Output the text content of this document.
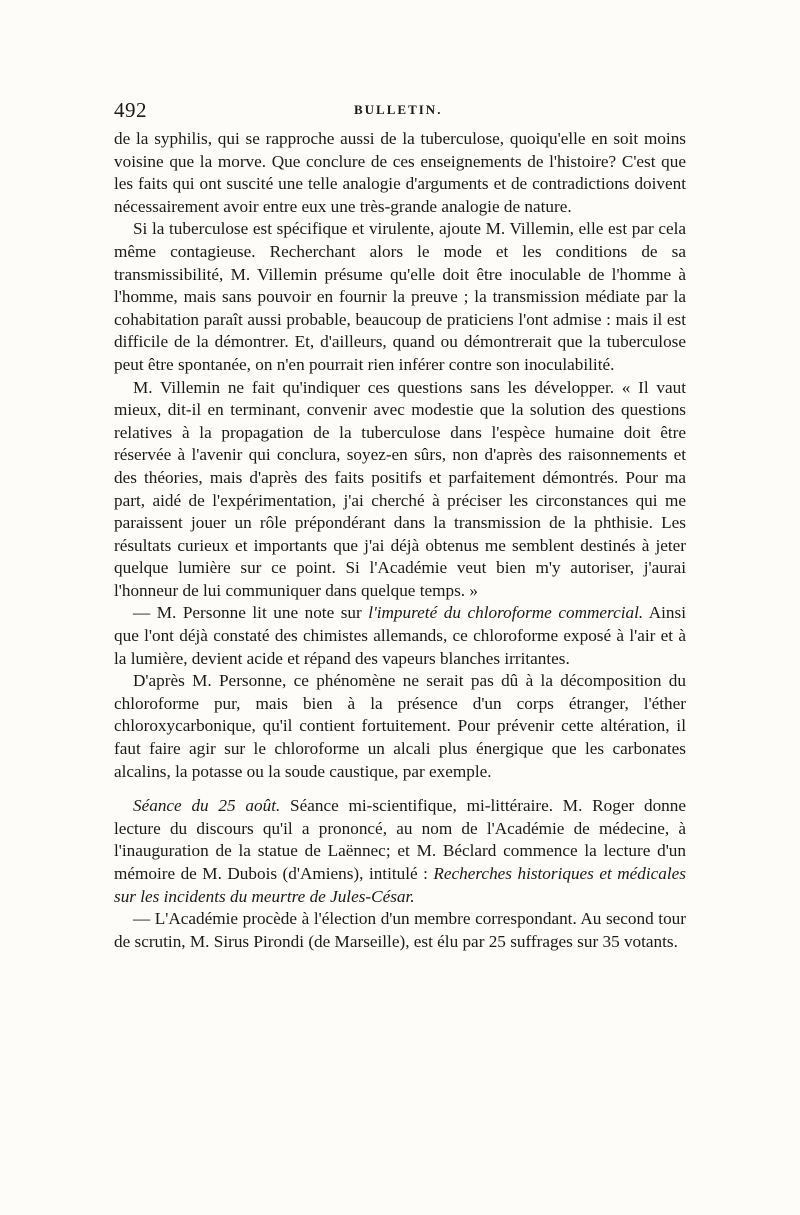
492	BULLETIN.

de la syphilis, qui se rapproche aussi de la tuberculose, quoiqu'elle en soit moins voisine que la morve. Que conclure de ces enseignements de l'histoire? C'est que les faits qui ont suscité une telle analogie d'arguments et de contradictions doivent nécessairement avoir entre eux une très-grande analogie de nature.

Si la tuberculose est spécifique et virulente, ajoute M. Villemin, elle est par cela même contagieuse. Recherchant alors le mode et les conditions de sa transmissibilité, M. Villemin présume qu'elle doit être inoculable de l'homme à l'homme, mais sans pouvoir en fournir la preuve ; la transmission médiate par la cohabitation paraît aussi probable, beaucoup de praticiens l'ont admise : mais il est difficile de la démontrer. Et, d'ailleurs, quand ou démontrerait que la tuberculose peut être spontanée, on n'en pourrait rien inférer contre son inoculabilité.

M. Villemin ne fait qu'indiquer ces questions sans les développer. « Il vaut mieux, dit-il en terminant, convenir avec modestie que la solution des questions relatives à la propagation de la tuberculose dans l'espèce humaine doit être réservée à l'avenir qui conclura, soyez-en sûrs, non d'après des raisonnements et des théories, mais d'après des faits positifs et parfaitement démontrés. Pour ma part, aidé de l'expérimentation, j'ai cherché à préciser les circonstances qui me paraissent jouer un rôle prépondérant dans la transmission de la phthisie. Les résultats curieux et importants que j'ai déjà obtenus me semblent destinés à jeter quelque lumière sur ce point. Si l'Académie veut bien m'y autoriser, j'aurai l'honneur de lui communiquer dans quelque temps. »

— M. Personne lit une note sur l'impureté du chloroforme commercial. Ainsi que l'ont déjà constaté des chimistes allemands, ce chloroforme exposé à l'air et à la lumière, devient acide et répand des vapeurs blanches irritantes.

D'après M. Personne, ce phénomène ne serait pas dû à la décomposition du chloroforme pur, mais bien à la présence d'un corps étranger, l'éther chloroxycarbonique, qu'il contient fortuitement. Pour prévenir cette altération, il faut faire agir sur le chloroforme un alcali plus énergique que les carbonates alcalins, la potasse ou la soude caustique, par exemple.

Séance du 25 août. Séance mi-scientifique, mi-littéraire. M. Roger donne lecture du discours qu'il a prononcé, au nom de l'Académie de médecine, à l'inauguration de la statue de Laënnec; et M. Béclard commence la lecture d'un mémoire de M. Dubois (d'Amiens), intitulé : Recherches historiques et médicales sur les incidents du meurtre de Jules-César.

— L'Académie procède à l'élection d'un membre correspondant. Au second tour de scrutin, M. Sirus Pirondi (de Marseille), est élu par 25 suffrages sur 35 votants.
